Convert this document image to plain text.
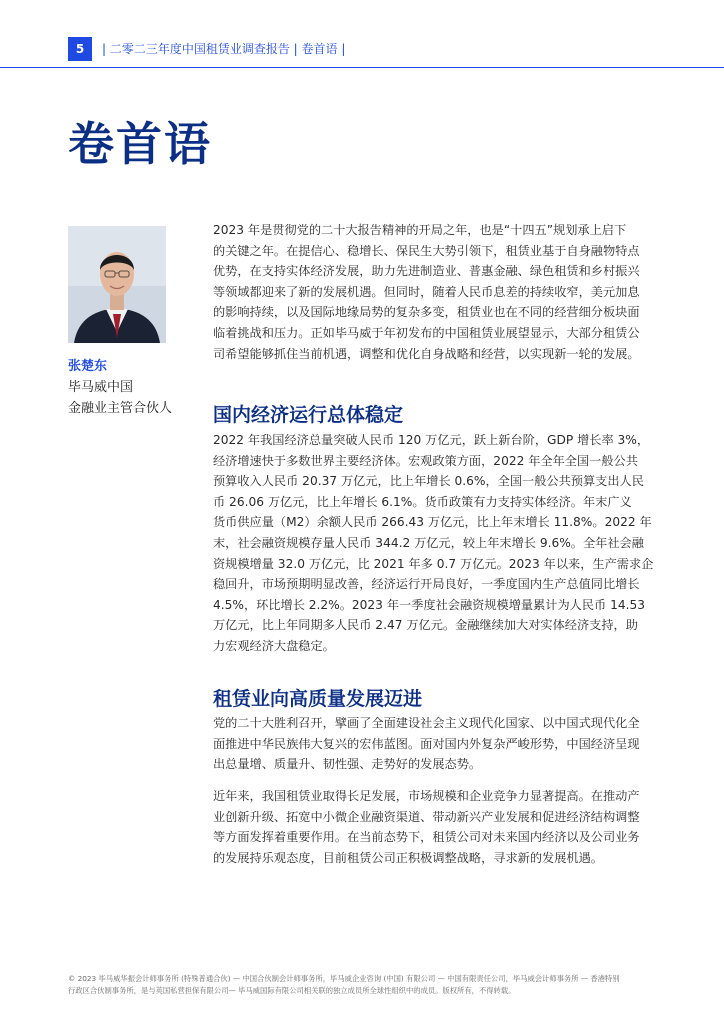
5	| 二零二三年度中国租赁业调查报告 | 卷首语 |
卷首语
张楚东
毕马威中国
金融业主管合伙人

2023 年是贯彻党的二十大报告精神的开局之年，也是“十四五”规划承上启下

的关键之年。在提信心、稳增长、保民生大势引领下，租赁业基于自身融物特点

优势，在支持实体经济发展，助力先进制造业、普惠金融、绿色租赁和乡村振兴

等领域都迎来了新的发展机遇。但同时，随着人民币息差的持续收窄，美元加息

的影响持续，以及国际地缘局势的复杂多变，租赁业也在不同的经营细分板块面

临着挑战和压力。正如毕马威于年初发布的中国租赁业展望显示，大部分租赁公

司希望能够抓住当前机遇，调整和优化自身战略和经营，以实现新一轮的发展。

国内经济运行总体稳定

2022 年我国经济总量突破人民币 120 万亿元，跃上新台阶，GDP 增长率 3%，

经济增速快于多数世界主要经济体。宏观政策方面，2022 年全年全国一般公共

预算收入人民币 20.37 万亿元，比上年增长 0.6%，全国一般公共预算支出人民

币 26.06 万亿元，比上年增长 6.1%。货币政策有力支持实体经济。年末广义

货币供应量（M2）余额人民币 266.43 万亿元，比上年末增长 11.8%。2022 年

末，社会融资规模存量人民币 344.2 万亿元，较上年末增长 9.6%。全年社会融

资规模增量 32.0 万亿元，比 2021 年多 0.7 万亿元。2023 年以来，生产需求企

稳回升，市场预期明显改善，经济运行开局良好，一季度国内生产总值同比增长

4.5%，环比增长 2.2%。2023 年一季度社会融资规模增量累计为人民币 14.53

万亿元，比上年同期多人民币 2.47 万亿元。金融继续加大对实体经济支持，助

力宏观经济大盘稳定。

租赁业向高质量发展迈进

党的二十大胜利召开，擘画了全面建设社会主义现代化国家、以中国式现代化全

面推进中华民族伟大复兴的宏伟蓝图。面对国内外复杂严峻形势，中国经济呈现

出总量增、质量升、韧性强、走势好的发展态势。

近年来，我国租赁业取得长足发展，市场规模和企业竞争力显著提高。在推动产

业创新升级、拓宽中小微企业融资渠道、带动新兴产业发展和促进经济结构调整

等方面发挥着重要作用。在当前态势下，租赁公司对未来国内经济以及公司业务

的发展持乐观态度，目前租赁公司正积极调整战略，寻求新的发展机遇。

© 2023 毕马威华振会计师事务所 (特殊普通合伙) — 中国合伙制会计师事务所，毕马威企业咨询 (中国) 有限公司 — 中国有限责任公司，毕马威会计师事务所 — 香港特别
行政区合伙制事务所，是与英国私营担保有限公司— 毕马威国际有限公司相关联的独立成员所全球性组织中的成员。版权所有，不得转载。
